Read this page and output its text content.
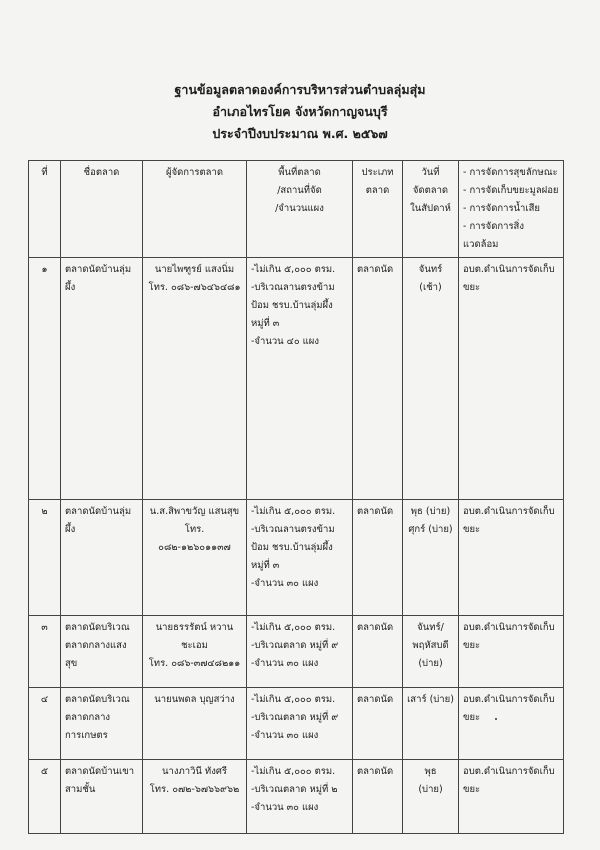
ฐานข้อมูลตลาดองค์การบริหารส่วนตำบลลุ่มสุ่ม
อำเภอไทรโยค จังหวัดกาญจนบุรี
ประจำปีงบประมาณ พ.ศ. ๒๕๖๗
ที่	ชื่อตลาด	ผู้จัดการตลาด	พื้นที่ตลาด
/สถานที่จัด
/จำนวนแผง	ประเภท
ตลาด	วันที่
จัดตลาด
ในสัปดาห์	- การจัดการสุขลักษณะ
- การจัดเก็บขยะมูลฝอย
- การจัดการน้ำเสีย
- การจัดการสิ่งแวดล้อม

๑	ตลาดนัดบ้านลุ่มผึ้ง	นายไพฑูรย์ แสงนิ่ม
โทร. ๐๘๖-๗๖๔๖๔๘๑	-ไม่เกิน ๕,๐๐๐ ตรม.
-บริเวณลานตรงข้าม
ป้อม ชรบ.บ้านลุ่มผึ้ง
หมู่ที่ ๓
-จำนวน ๔๐ แผง	ตลาดนัด	จันทร์ (เช้า)	อบต.ดำเนินการจัดเก็บขยะ
๒	ตลาดนัดบ้านลุ่มผึ้ง	น.ส.สิพาขวัญ แสนสุข
โทร. ๐๘๒-๑๒๖๐๑๑๓๗	-ไม่เกิน ๕,๐๐๐ ตรม.
-บริเวณลานตรงข้าม
ป้อม ชรบ.บ้านลุ่มผึ้ง
หมู่ที่ ๓
-จำนวน ๓๐ แผง	ตลาดนัด	พุธ (บ่าย)
ศุกร์ (บ่าย)	อบต.ดำเนินการจัดเก็บขยะ
๓	ตลาดนัดบริเวณ
ตลาดกลางแสงสุข	นายธรรรัตน์ หวานชะเอม
โทร. ๐๘๖-๓๗๔๘๒๑๑	-ไม่เกิน ๕,๐๐๐ ตรม.
-บริเวณตลาด หมู่ที่ ๙
-จำนวน ๓๐ แผง	ตลาดนัด	จันทร์/
พฤหัสบดี
(บ่าย)	อบต.ดำเนินการจัดเก็บขยะ
๔	ตลาดนัดบริเวณ
ตลาดกลาง
การเกษตร	นายนพดล บุญสว่าง	-ไม่เกิน ๕,๐๐๐ ตรม.
-บริเวณตลาด หมู่ที่ ๙
-จำนวน ๓๐ แผง	ตลาดนัด	เสาร์ (บ่าย)	อบต.ดำเนินการจัดเก็บขยะ
๕	ตลาดนัดบ้านเขา
สามชั้น	นางภาวินี ทังศรี
โทร. ๐๗๒-๖๗๖๖๙๖๒	-ไม่เกิน ๕,๐๐๐ ตรม.
-บริเวณตลาด หมู่ที่ ๒
-จำนวน ๓๐ แผง	ตลาดนัด	พุธ
(บ่าย)	อบต.ดำเนินการจัดเก็บขยะ
